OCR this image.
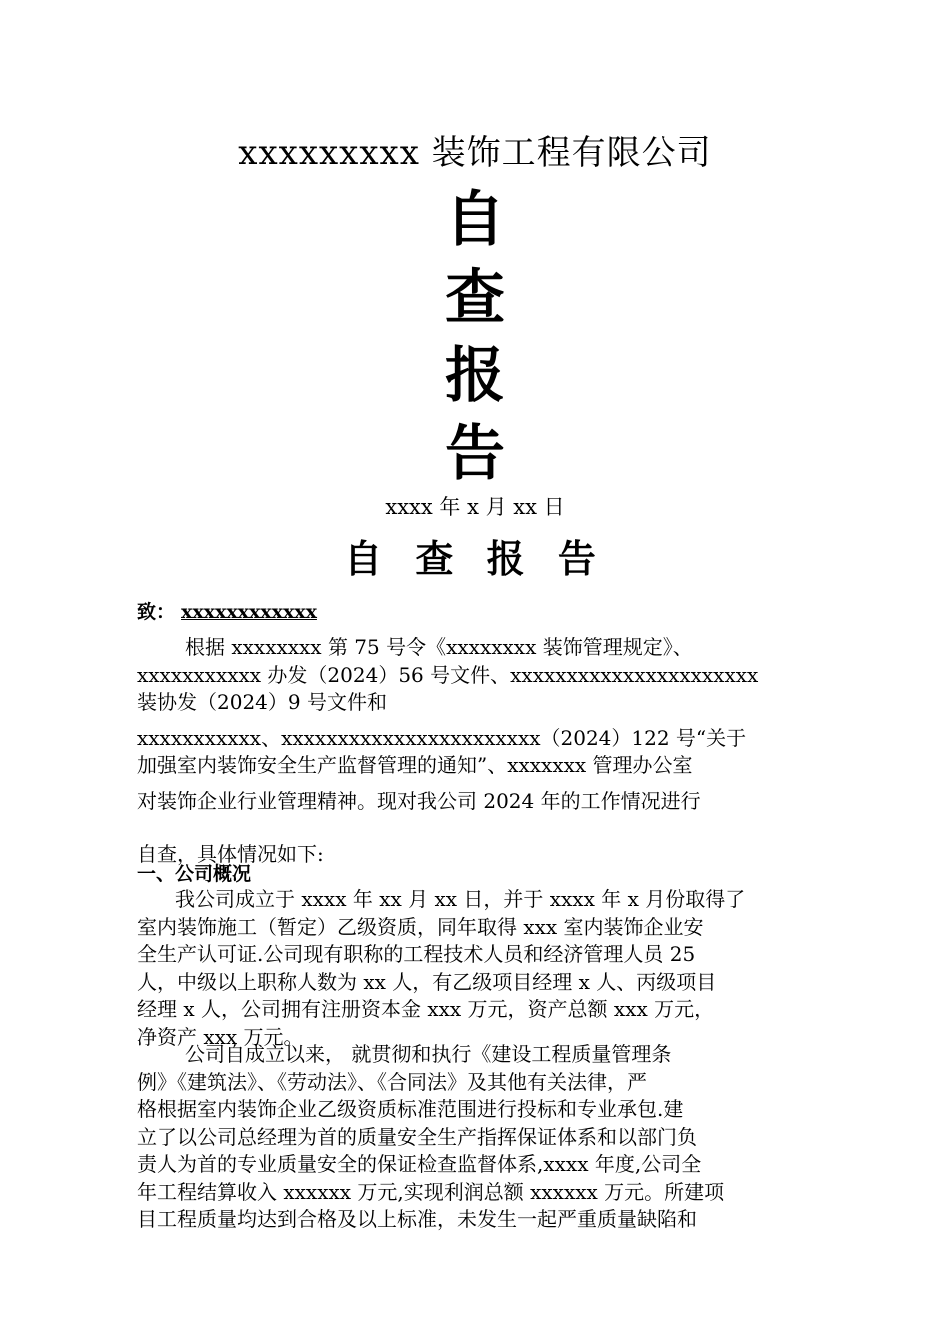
xxxxxxxxx 装饰工程有限公司
自
查
报
告
xxxx 年 x 月 xx 日
自 查 报 告
致： xxxxxxxxxxxx
根据 xxxxxxxx 第 75 号令《xxxxxxxx 装饰管理规定》、
xxxxxxxxxxx 办发（2024）56 号文件、xxxxxxxxxxxxxxxxxxxxxx
装协发（2024）9 号文件和
xxxxxxxxxxx、xxxxxxxxxxxxxxxxxxxxxxx（2024）122 号“关于
加强室内装饰安全生产监督管理的通知”、xxxxxxx 管理办公室
对装饰企业行业管理精神。现对我公司 2024 年的工作情况进行
自查，具体情况如下:
一、公司概况
我公司成立于 xxxx 年 xx 月 xx 日，并于 xxxx 年 x 月份取得了
室内装饰施工（暂定）乙级资质，同年取得 xxx 室内装饰企业安
全生产认可证.公司现有职称的工程技术人员和经济管理人员 25
人，中级以上职称人数为 xx 人，有乙级项目经理 x 人、丙级项目
经理 x 人，公司拥有注册资本金 xxx 万元，资产总额 xxx 万元，
净资产 xxx 万元。
公司自成立以来， 就贯彻和执行《建设工程质量管理条
例》《建筑法》、《劳动法》、《合同法》及其他有关法律，严
格根据室内装饰企业乙级资质标准范围进行投标和专业承包.建
立了以公司总经理为首的质量安全生产指挥保证体系和以部门负
责人为首的专业质量安全的保证检查监督体系,xxxx 年度,公司全
年工程结算收入 xxxxxx 万元,实现利润总额 xxxxxx 万元。所建项
目工程质量均达到合格及以上标准，未发生一起严重质量缺陷和
